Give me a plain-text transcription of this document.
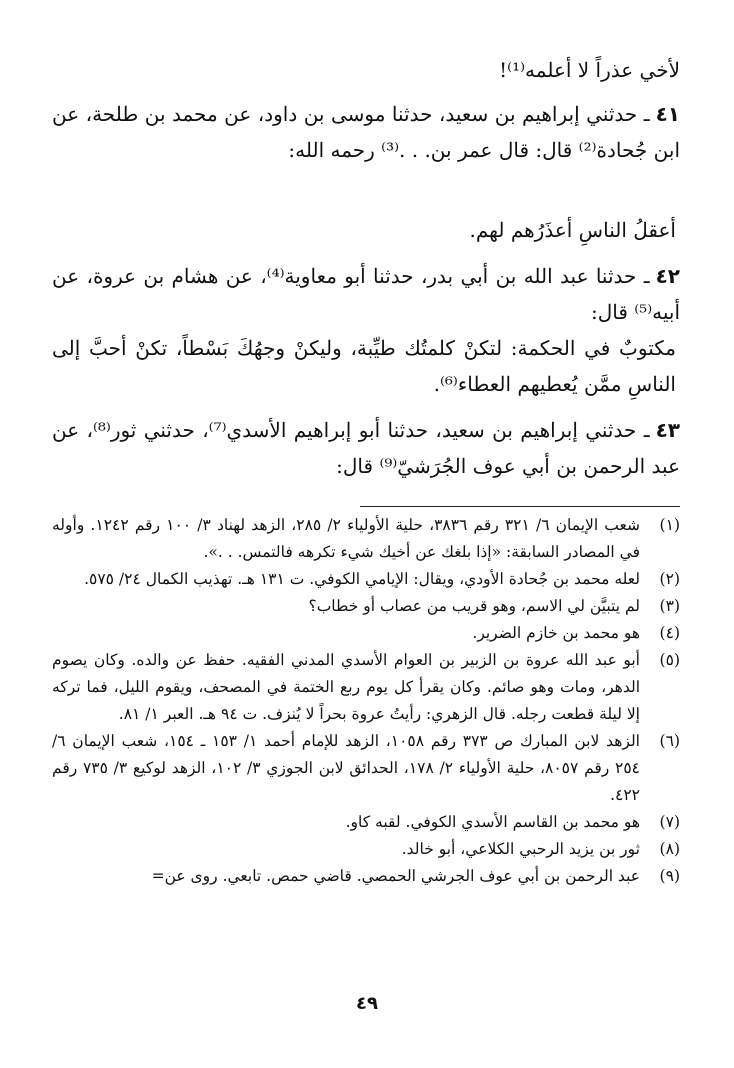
لأخي عذراً لا أعلمه⁽¹⁾!
٤١ـ حدثني إبراهيم بن سعيد، حدثنا موسى بن داود، عن محمد بن طلحة، عن ابن جُحادة⁽²⁾ قال: قال عمر بن. . .⁽³⁾ رحمه الله:
أعقلُ الناسِ أعذَرُهم لهم.
٤٢ـ حدثنا عبد الله بن أبي بدر، حدثنا أبو معاوية⁽⁴⁾، عن هشام بن عروة، عن أبيه⁽⁵⁾ قال:
مكتوبٌ في الحكمة: لتكنْ كلمتُك طيِّبة، وليكنْ وجهُكَ بَسْطاً، تكنْ أحبَّ إلى الناسِ ممَّن يُعطيهم العطاء⁽⁶⁾.
٤٣ـ حدثني إبراهيم بن سعيد، حدثنا أبو إبراهيم الأسدي⁽⁷⁾، حدثني ثور⁽⁸⁾، عن عبد الرحمن بن أبي عوف الجُرَشيّ⁽⁹⁾ قال:
(١)
شعب الإيمان ٦/ ٣٢١ رقم ٣٨٣٦، حلية الأولياء ٢/ ٢٨٥، الزهد لهناد ٣/ ١٠٠ رقم ١٢٤٢. وأوله في المصادر السابقة: «إذا بلغك عن أخيك شيء تكرهه فالتمس. . .».
(٢)
لعله محمد بن جُحادة الأودي، ويقال: الإيامي الكوفي. ت ١٣١ هـ. تهذيب الكمال ٢٤/ ٥٧٥.
(٣)
لم يتبيَّن لي الاسم، وهو قريب من عصاب أو خطاب؟
(٤)
هو محمد بن خازم الضرير.
(٥)
أبو عبد الله عروة بن الزبير بن العوام الأسدي المدني الفقيه. حفظ عن والده. وكان يصوم الدهر، ومات وهو صائم. وكان يقرأ كل يوم ربع الختمة في المصحف، ويقوم الليل، فما تركه إلا ليلة قطعت رجله. قال الزهري: رأيتُ عروة بحراً لا يُنزف. ت ٩٤ هـ. العبر ١/ ٨١.
(٦)
الزهد لابن المبارك ص ٣٧٣ رقم ١٠٥٨، الزهد للإمام أحمد ١/ ١٥٣ ـ ١٥٤، شعب الإيمان ٦/ ٢٥٤ رقم ٨٠٥٧، حلية الأولياء ٢/ ١٧٨، الحدائق لابن الجوزي ٣/ ١٠٢، الزهد لوكيع ٣/ ٧٣٥ رقم ٤٢٢.
(٧)
هو محمد بن القاسم الأسدي الكوفي. لقبه كاو.
(٨)
ثور بن يزيد الرحبي الكلاعي، أبو خالد.
(٩)
عبد الرحمن بن أبي عوف الجرشي الحمصي. قاضي حمص. تابعي. روى عن=
٤٩
